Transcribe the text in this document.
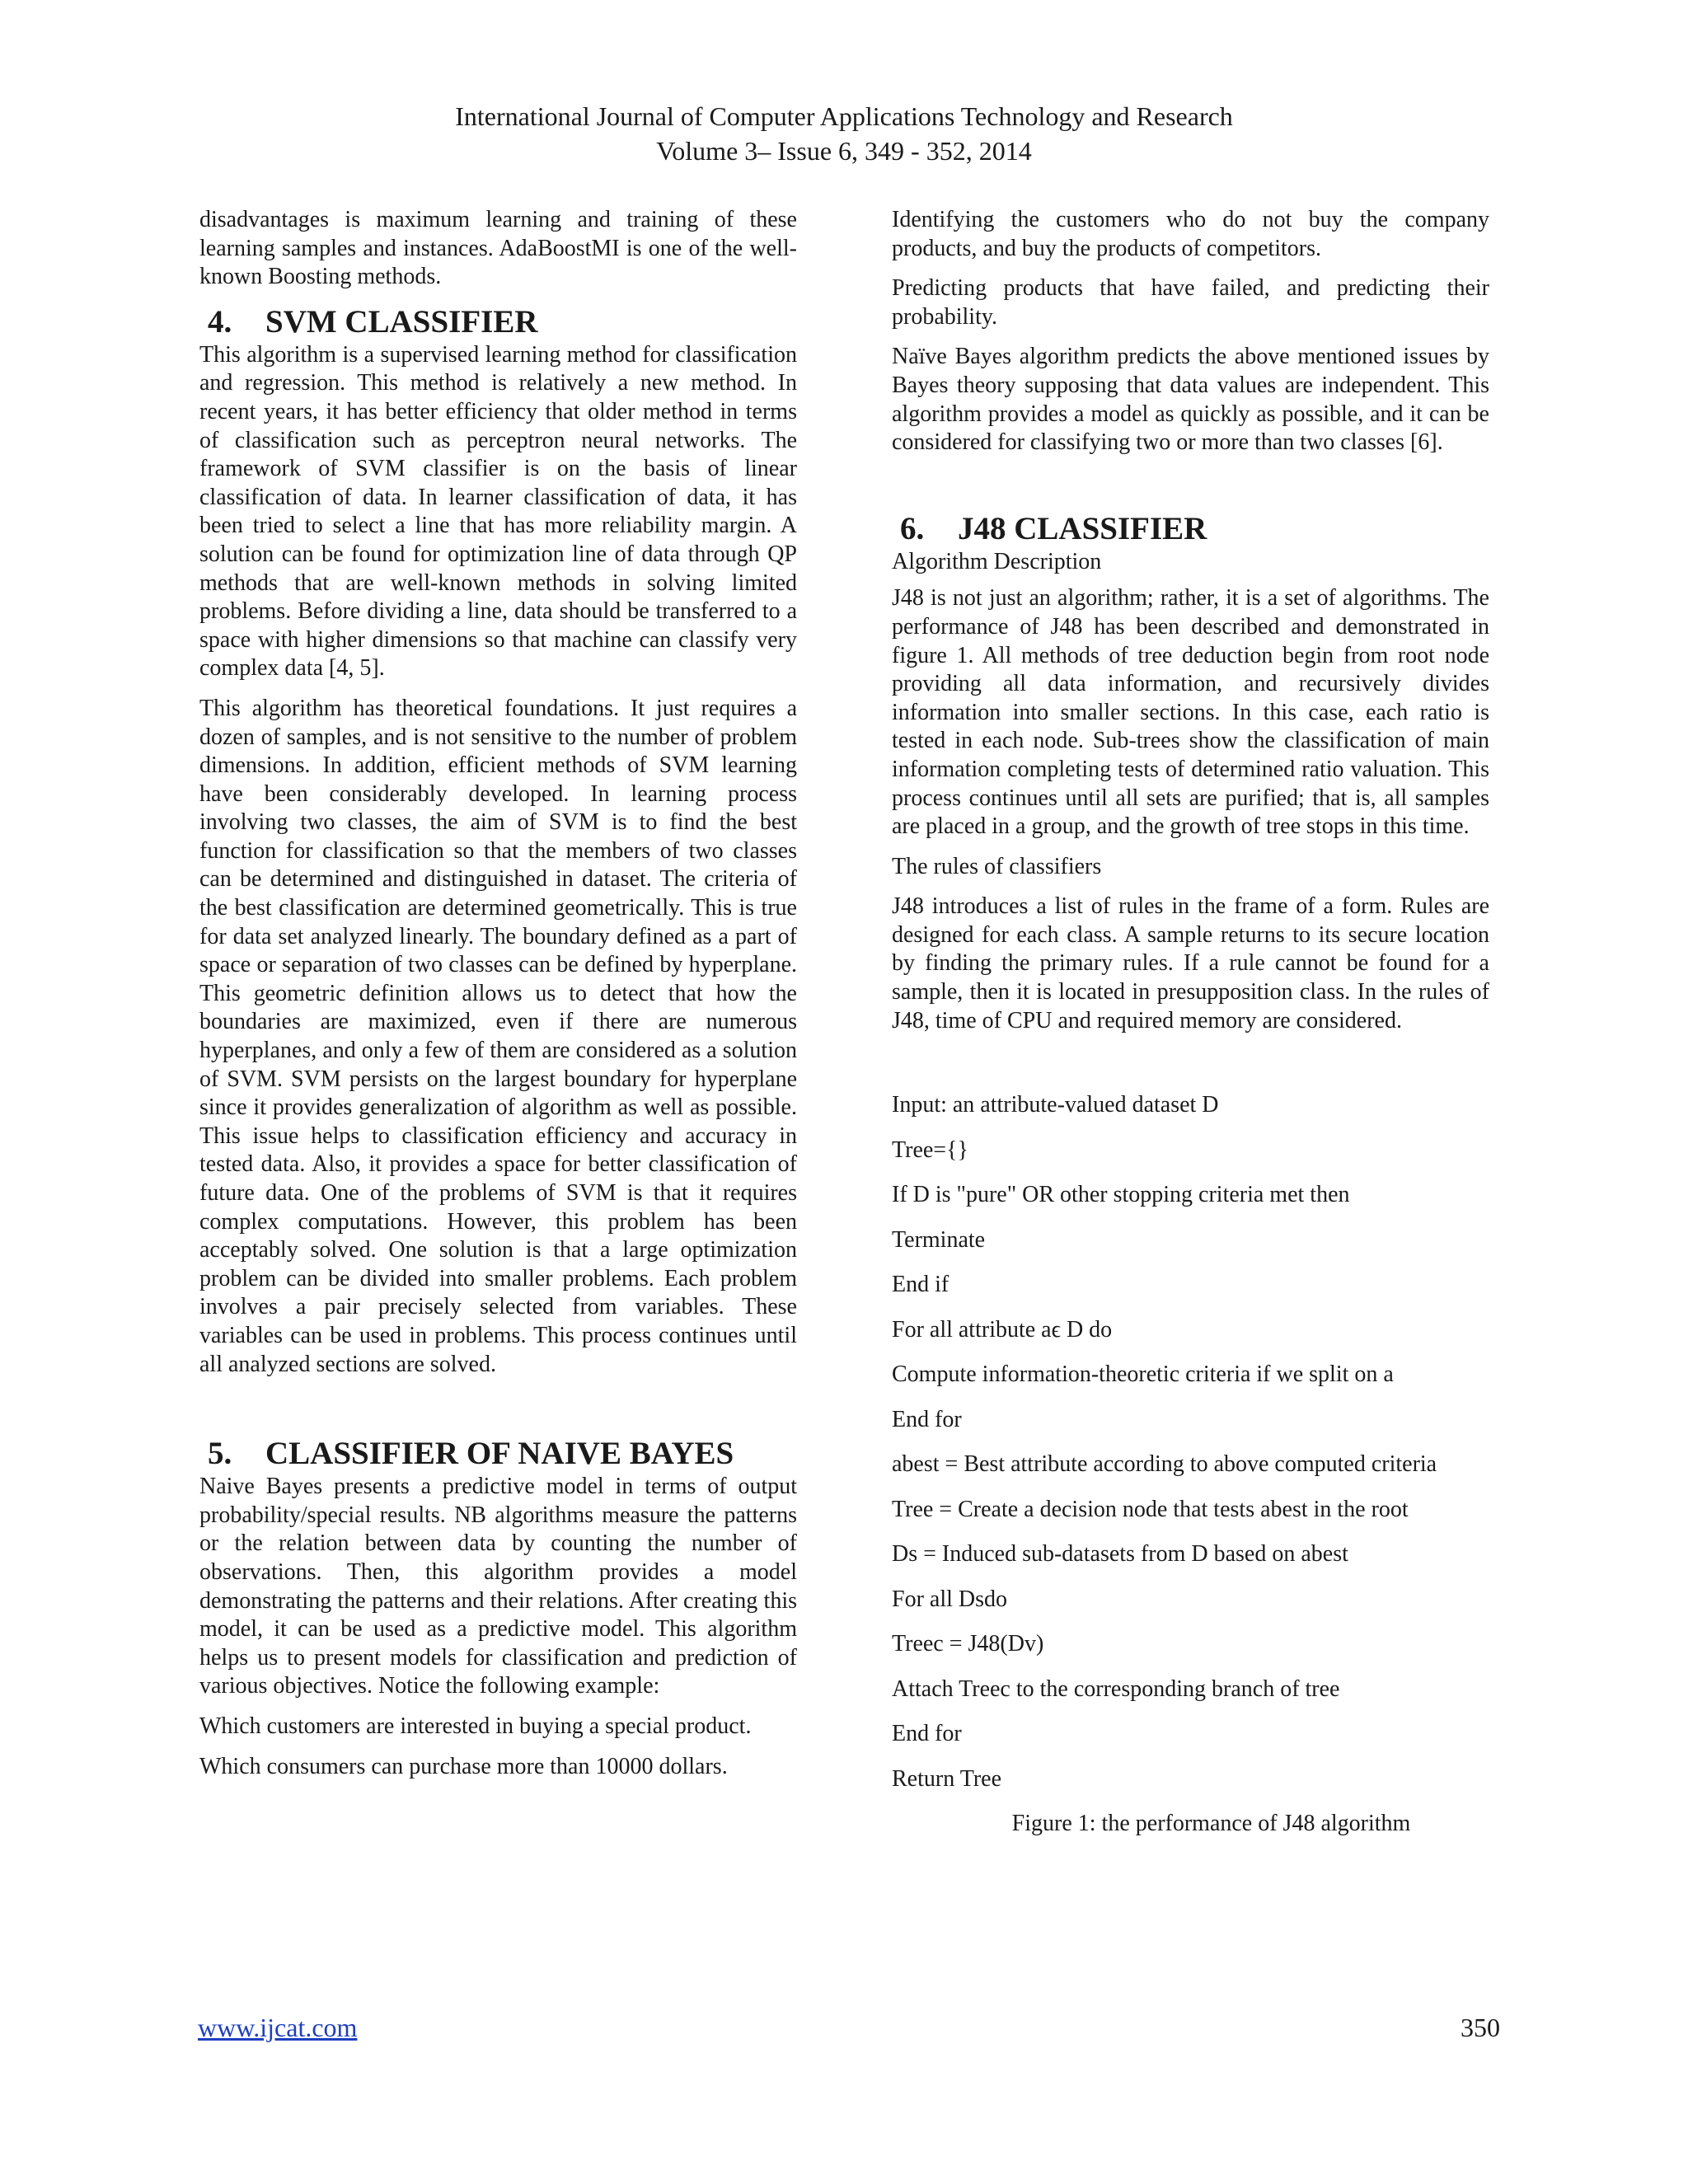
International Journal of Computer Applications Technology and Research
Volume 3– Issue 6, 349 - 352, 2014

disadvantages is maximum learning and training of these learning samples and instances. AdaBoostMI is one of the well-known Boosting methods.

4. SVM CLASSIFIER

This algorithm is a supervised learning method for classification and regression. This method is relatively a new method. In recent years, it has better efficiency that older method in terms of classification such as perceptron neural networks. The framework of SVM classifier is on the basis of linear classification of data. In learner classification of data, it has been tried to select a line that has more reliability margin. A solution can be found for optimization line of data through QP methods that are well-known methods in solving limited problems. Before dividing a line, data should be transferred to a space with higher dimensions so that machine can classify very complex data [4, 5].

This algorithm has theoretical foundations. It just requires a dozen of samples, and is not sensitive to the number of problem dimensions. In addition, efficient methods of SVM learning have been considerably developed. In learning process involving two classes, the aim of SVM is to find the best function for classification so that the members of two classes can be determined and distinguished in dataset. The criteria of the best classification are determined geometrically. This is true for data set analyzed linearly. The boundary defined as a part of space or separation of two classes can be defined by hyperplane. This geometric definition allows us to detect that how the boundaries are maximized, even if there are numerous hyperplanes, and only a few of them are considered as a solution of SVM. SVM persists on the largest boundary for hyperplane since it provides generalization of algorithm as well as possible. This issue helps to classification efficiency and accuracy in tested data. Also, it provides a space for better classification of future data. One of the problems of SVM is that it requires complex computations. However, this problem has been acceptably solved. One solution is that a large optimization problem can be divided into smaller problems. Each problem involves a pair precisely selected from variables. These variables can be used in problems. This process continues until all analyzed sections are solved.

5. CLASSIFIER OF NAIVE BAYES

Naive Bayes presents a predictive model in terms of output probability/special results. NB algorithms measure the patterns or the relation between data by counting the number of observations. Then, this algorithm provides a model demonstrating the patterns and their relations. After creating this model, it can be used as a predictive model. This algorithm helps us to present models for classification and prediction of various objectives. Notice the following example:

Which customers are interested in buying a special product.

Which consumers can purchase more than 10000 dollars.

Identifying the customers who do not buy the company products, and buy the products of competitors.

Predicting products that have failed, and predicting their probability.

Naïve Bayes algorithm predicts the above mentioned issues by Bayes theory supposing that data values are independent. This algorithm provides a model as quickly as possible, and it can be considered for classifying two or more than two classes [6].

6. J48 CLASSIFIER

Algorithm Description

J48 is not just an algorithm; rather, it is a set of algorithms. The performance of J48 has been described and demonstrated in figure 1. All methods of tree deduction begin from root node providing all data information, and recursively divides information into smaller sections. In this case, each ratio is tested in each node. Sub-trees show the classification of main information completing tests of determined ratio valuation. This process continues until all sets are purified; that is, all samples are placed in a group, and the growth of tree stops in this time.

The rules of classifiers

J48 introduces a list of rules in the frame of a form. Rules are designed for each class. A sample returns to its secure location by finding the primary rules. If a rule cannot be found for a sample, then it is located in presupposition class. In the rules of J48, time of CPU and required memory are considered.

Input: an attribute-valued dataset D
Tree={}
If D is "pure" OR other stopping criteria met then
Terminate
End if
For all attribute aϵ D do
Compute information-theoretic criteria if we split on a
End for
abest = Best attribute according to above computed criteria
Tree = Create a decision node that tests abest in the root
Ds = Induced sub-datasets from D based on abest
For all Dsdo
Treec = J48(Dv)
Attach Treec to the corresponding branch of tree
End for
Return Tree

Figure 1: the performance of J48 algorithm

www.ijcat.com	350
